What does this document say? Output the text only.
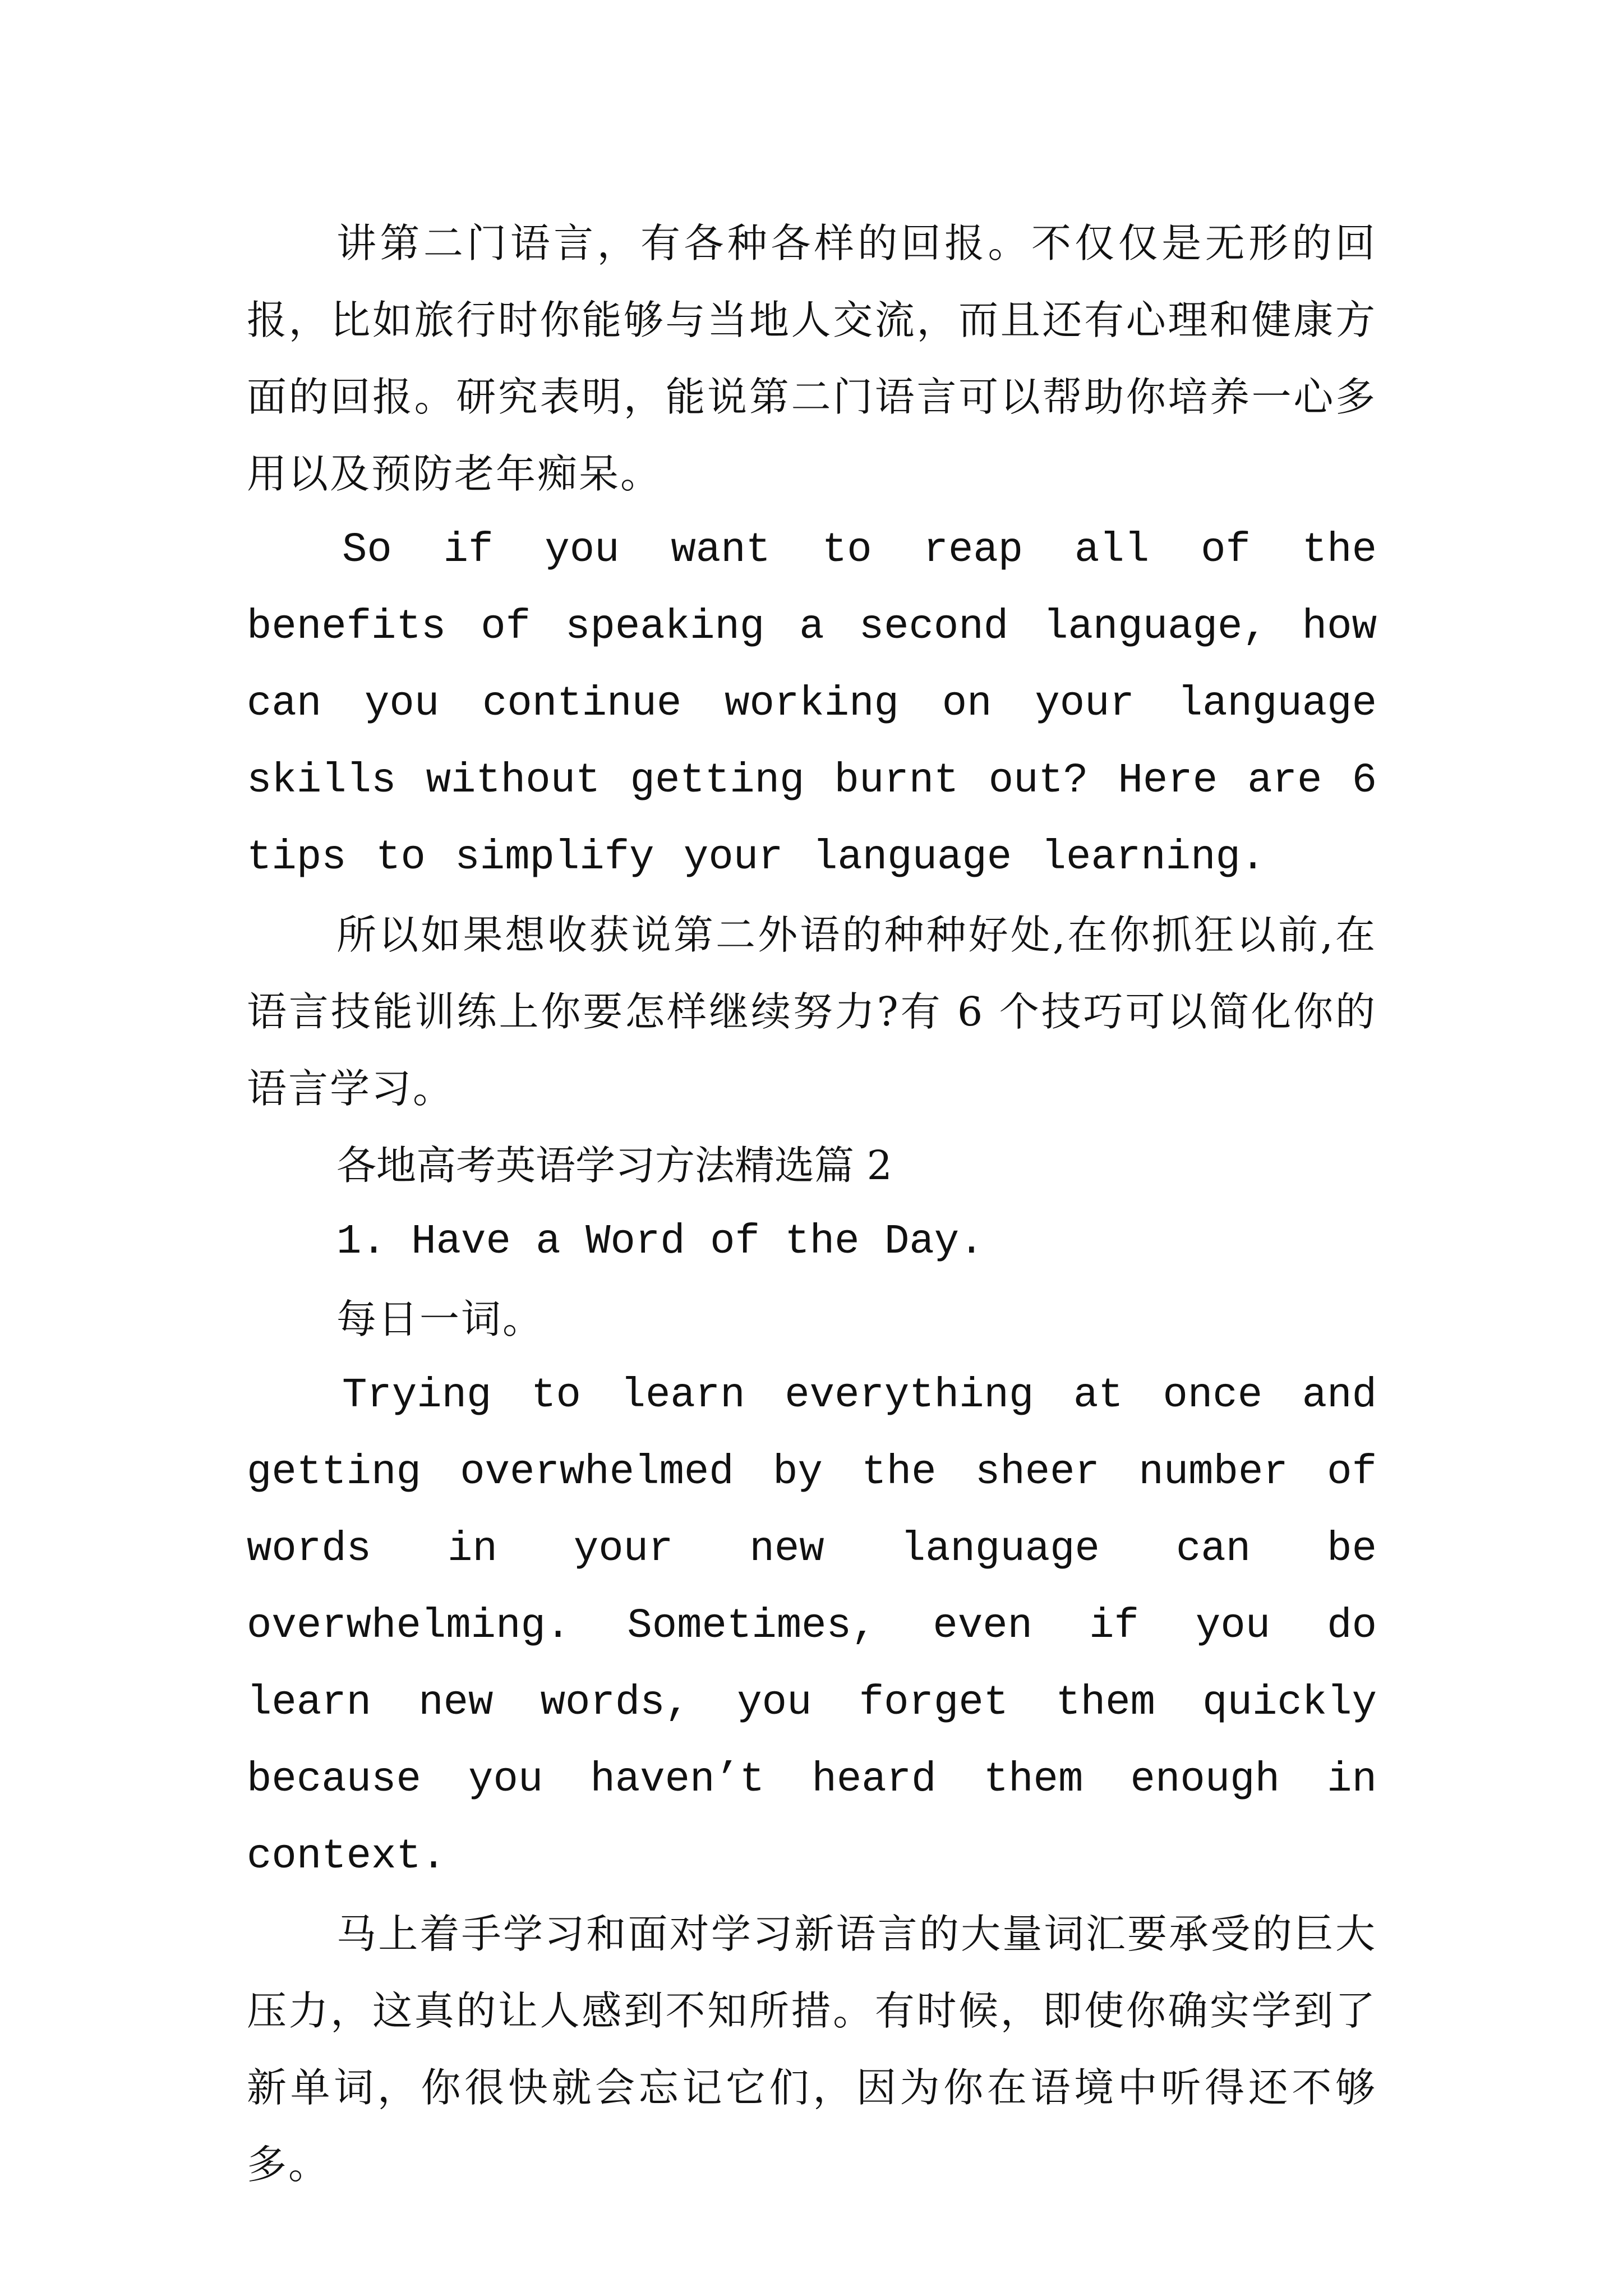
讲第二门语言，有各种各样的回报。不仅仅是无形的回报，比如旅行时你能够与当地人交流，而且还有心理和健康方面的回报。研究表明，能说第二门语言可以帮助你培养一心多用以及预防老年痴呆。

So if you want to reap all of the benefits of speaking a second language, how can you continue working on your language skills without getting burnt out? Here are 6 tips to simplify your language learning.

所以如果想收获说第二外语的种种好处,在你抓狂以前,在语言技能训练上你要怎样继续努力?有 6 个技巧可以简化你的语言学习。

各地高考英语学习方法精选篇 2

1. Have a Word of the Day.

每日一词。

Trying to learn everything at once and getting overwhelmed by the sheer number of words in your new language can be overwhelming. Sometimes, even if you do learn new words, you forget them quickly because you haven’t heard them enough in context.

马上着手学习和面对学习新语言的大量词汇要承受的巨大压力，这真的让人感到不知所措。有时候，即使你确实学到了新单词，你很快就会忘记它们，因为你在语境中听得还不够多。
